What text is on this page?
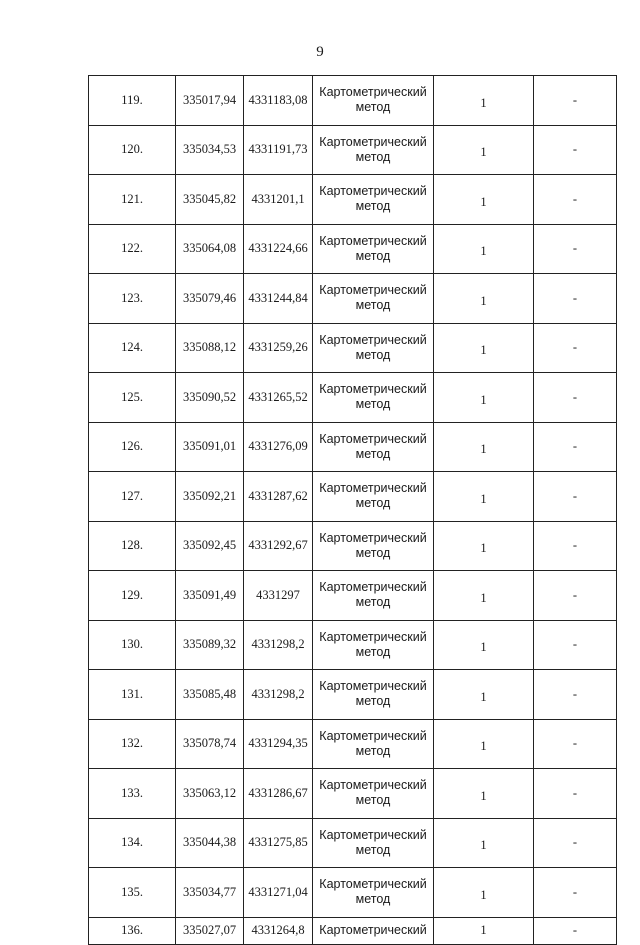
9
119.	335017,94	4331183,08	Картометрический
метод	1	-
120.	335034,53	4331191,73	Картометрический
метод	1	-
121.	335045,82	4331201,1	Картометрический
метод	1	-
122.	335064,08	4331224,66	Картометрический
метод	1	-
123.	335079,46	4331244,84	Картометрический
метод	1	-
124.	335088,12	4331259,26	Картометрический
метод	1	-
125.	335090,52	4331265,52	Картометрический
метод	1	-
126.	335091,01	4331276,09	Картометрический
метод	1	-
127.	335092,21	4331287,62	Картометрический
метод	1	-
128.	335092,45	4331292,67	Картометрический
метод	1	-
129.	335091,49	4331297	Картометрический
метод	1	-
130.	335089,32	4331298,2	Картометрический
метод	1	-
131.	335085,48	4331298,2	Картометрический
метод	1	-
132.	335078,74	4331294,35	Картометрический
метод	1	-
133.	335063,12	4331286,67	Картометрический
метод	1	-
134.	335044,38	4331275,85	Картометрический
метод	1	-
135.	335034,77	4331271,04	Картометрический
метод	1	-
136.	335027,07	4331264,8	Картометрический	1	-
